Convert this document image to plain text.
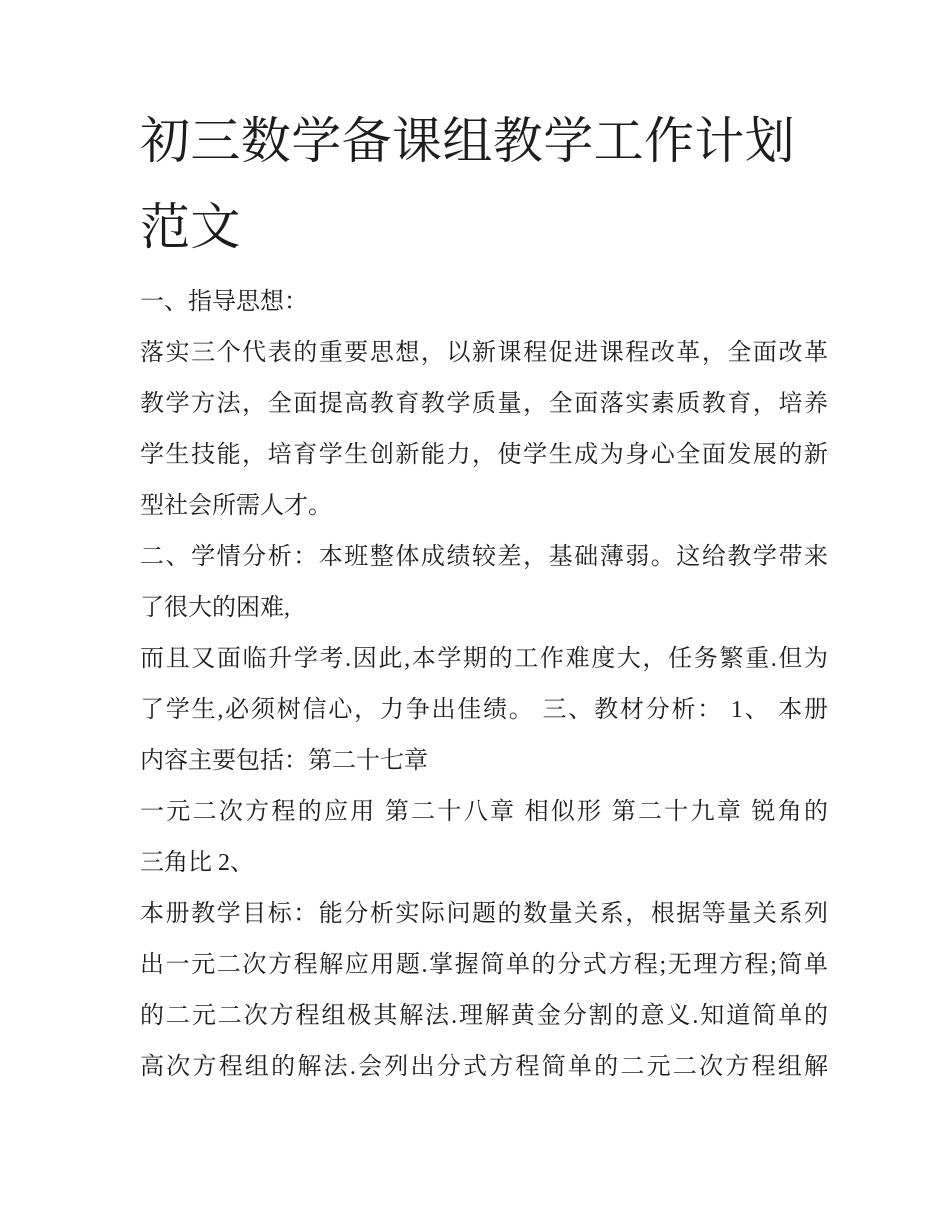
初三数学备课组教学工作计划
范文
一、指导思想：
落实三个代表的重要思想，以新课程促进课程改革，全面改革
教学方法，全面提高教育教学质量，全面落实素质教育，培养
学生技能，培育学生创新能力，使学生成为身心全面发展的新
型社会所需人才。
二、学情分析：本班整体成绩较差，基础薄弱。这给教学带来
了很大的困难,
而且又面临升学考.因此,本学期的工作难度大，任务繁重.但为
了学生,必须树信心，力争出佳绩。 三、教材分析： 1、 本册
内容主要包括：第二十七章
一元二次方程的应用 第二十八章 相似形 第二十九章 锐角的
三角比 2、
本册教学目标：能分析实际问题的数量关系，根据等量关系列
出一元二次方程解应用题.掌握简单的分式方程;无理方程;简单
的二元二次方程组极其解法.理解黄金分割的意义.知道简单的
高次方程组的解法.会列出分式方程简单的二元二次方程组解
